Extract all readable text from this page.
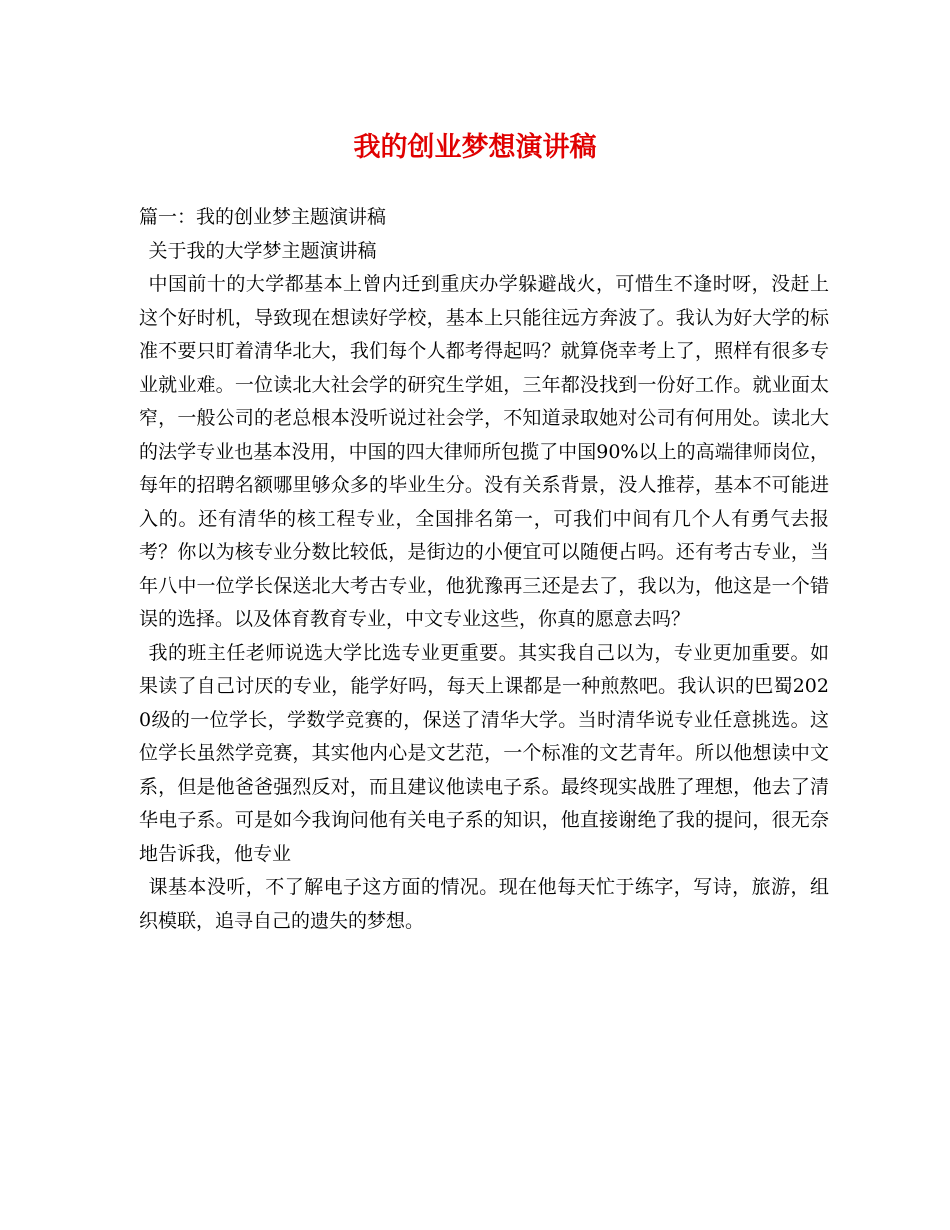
我的创业梦想演讲稿

篇一：我的创业梦主题演讲稿

关于我的大学梦主题演讲稿

中国前十的大学都基本上曾内迁到重庆办学躲避战火，可惜生不逢时呀，没赶上这个好时机，导致现在想读好学校，基本上只能往远方奔波了。我认为好大学的标准不要只盯着清华北大，我们每个人都考得起吗？就算侥幸考上了，照样有很多专业就业难。一位读北大社会学的研究生学姐，三年都没找到一份好工作。就业面太窄，一般公司的老总根本没听说过社会学，不知道录取她对公司有何用处。读北大的法学专业也基本没用，中国的四大律师所包揽了中国90%以上的高端律师岗位，每年的招聘名额哪里够众多的毕业生分。没有关系背景，没人推荐，基本不可能进入的。还有清华的核工程专业，全国排名第一，可我们中间有几个人有勇气去报考？你以为核专业分数比较低，是街边的小便宜可以随便占吗。还有考古专业，当年八中一位学长保送北大考古专业，他犹豫再三还是去了，我以为，他这是一个错误的选择。以及体育教育专业，中文专业这些，你真的愿意去吗？

我的班主任老师说选大学比选专业更重要。其实我自己以为，专业更加重要。如果读了自己讨厌的专业，能学好吗，每天上课都是一种煎熬吧。我认识的巴蜀2020级的一位学长，学数学竞赛的，保送了清华大学。当时清华说专业任意挑选。这位学长虽然学竞赛，其实他内心是文艺范，一个标准的文艺青年。所以他想读中文系，但是他爸爸强烈反对，而且建议他读电子系。最终现实战胜了理想，他去了清华电子系。可是如今我询问他有关电子系的知识，他直接谢绝了我的提问，很无奈地告诉我，他专业

课基本没听，不了解电子这方面的情况。现在他每天忙于练字，写诗，旅游，组织模联，追寻自己的遗失的梦想。
